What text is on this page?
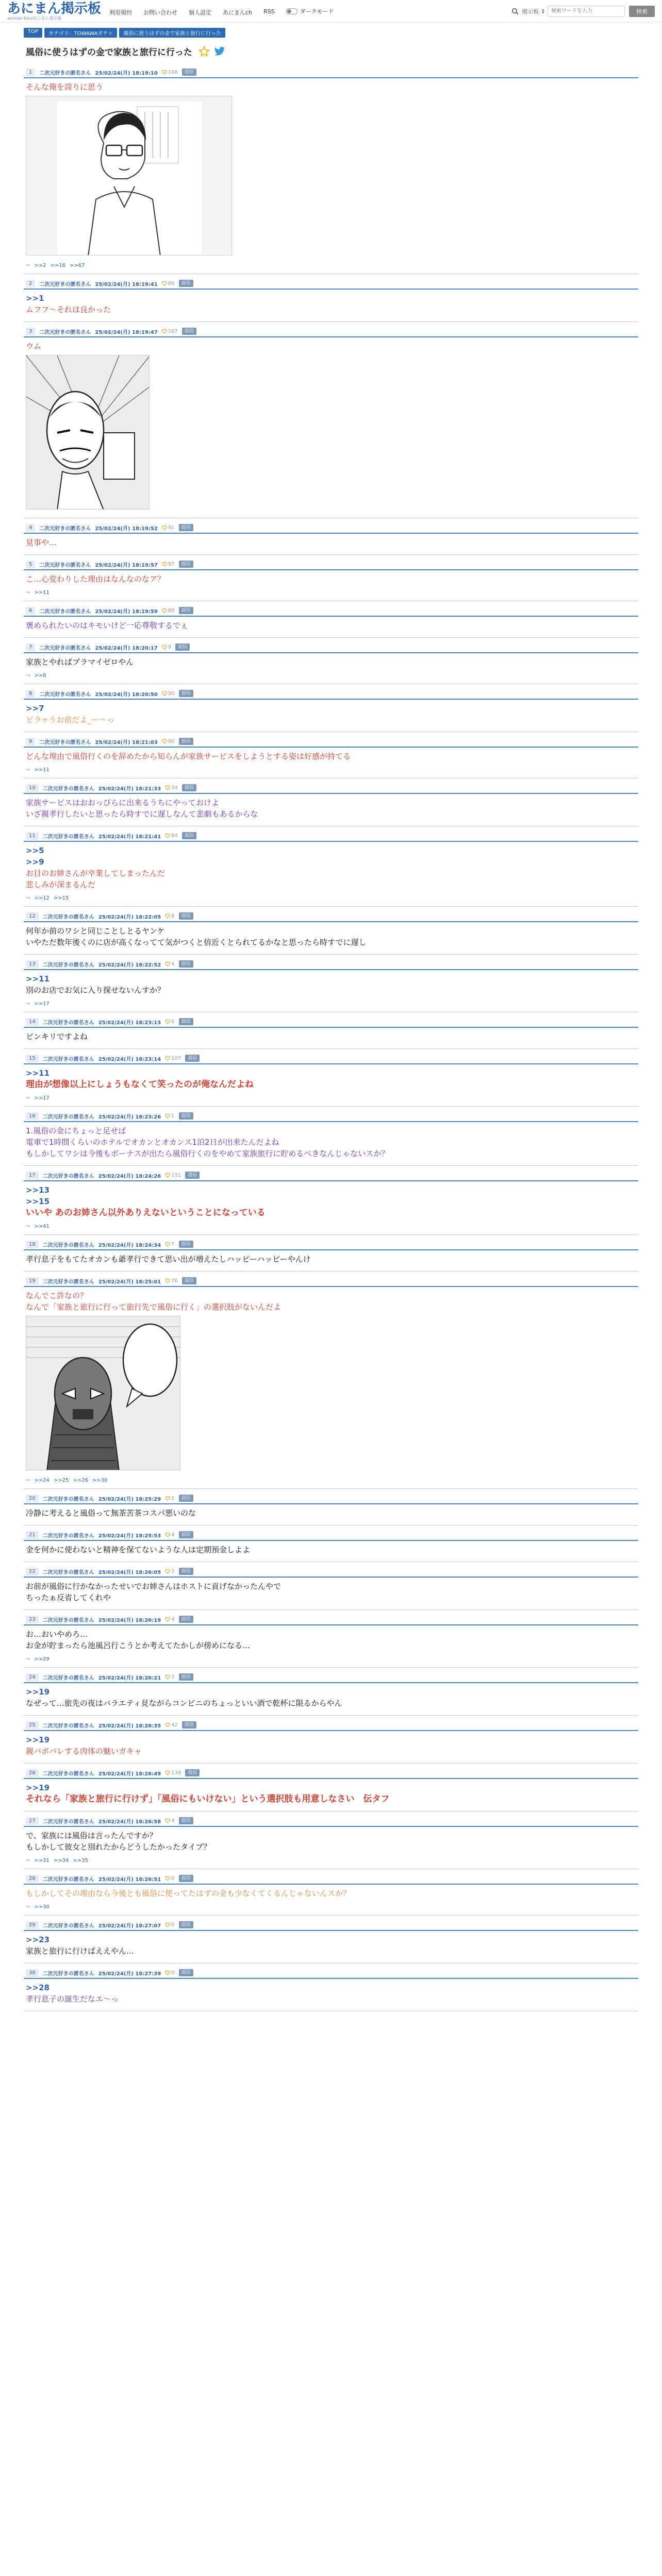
あにまん掲示板
animan bbs/あにまん掲示板
利用規約 お問い合わせ 個人設定 あにまんch RSS	ダークモード	掲示板 ⇕
検索ワードを入力	検索
TOP	カテゴリ：TOWAWAガチャ	風俗に使うはずの金で家族と旅行に行った
風俗に使うはずの金で家族と旅行に行った
1	二次元好きの匿名さん 25/02/24(月) 18:19:10 108	返信
そんな俺を誇りに思う
↪ >>2 >>16 >>67
2	二次元好きの匿名さん 25/02/24(月) 18:19:41 86	返信
>>1
ムフフ〜それは良かった
3	二次元好きの匿名さん 25/02/24(月) 18:19:47 167	返信
ウム
4	二次元好きの匿名さん 25/02/24(月) 18:19:52 91	返信
見事や…
5	二次元好きの匿名さん 25/02/24(月) 18:19:57 97	返信
こ…心変わりした理由はなんなのなア？
↪ >>11
6	二次元好きの匿名さん 25/02/24(月) 18:19:59 88	返信
褒められたいのはキモいけど一応尊敬するでぇ
7	二次元好きの匿名さん 25/02/24(月) 18:20:17 9	返信
家族とやればプラマイゼロやん
↪ >>8
8	二次元好きの匿名さん 25/02/24(月) 18:20:50 90	返信
>>7
ビラゥうお前だよ_ー〜っ
9	二次元好きの匿名さん 25/02/24(月) 18:21:03 90	返信
どんな理由で風俗行くのを辞めたから知らんが家族サービスをしようとする姿は好感が持てる
↪ >>11
10	二次元好きの匿名さん 25/02/24(月) 18:21:33 34	返信
家族サービスはおおっぴらに出来るうちにやっておけよ
いざ親孝行したいと思ったら時すでに遅しなんて悲劇もあるからな
11	二次元好きの匿名さん 25/02/24(月) 18:21:41 84	返信
>>5
>>9
お目のお姉さんが卒業してしまったんだ
悲しみが深まるんだ
↪ >>12 >>15
12	二次元好きの匿名さん 25/02/24(月) 18:22:05 8	返信
何年か前のワシと同じことしとるヤンケ
いやただ数年後くのに店が高くなってて気がつくと倍近くとられてるかなと思ったら時すでに遅し
13	二次元好きの匿名さん 25/02/24(月) 18:22:52 4	返信
>>11
別のお店でお気に入り探せないんすか？
↪ >>17
14	二次元好きの匿名さん 25/02/24(月) 18:23:13 6	返信
ピンキリですよね
15	二次元好きの匿名さん 25/02/24(月) 18:23:14 107	返信
>>11
理由が想像以上にしょうもなくて笑ったのが俺なんだよね
↪ >>17
16	二次元好きの匿名さん 25/02/24(月) 18:23:26 1	返信
1.風俗の金にちょっと足せば
電車で1時間くらいのホテルでオカンとオカンス1泊2日が出来たんだよね
もしかしてワシは今後もボーナスが出たら風俗行くのをやめて家族旅行に貯めるべきなんじゃないスか？
17	二次元好きの匿名さん 25/02/24(月) 18:24:26 151	返信
>>13
>>15
いいや あのお姉さん以外ありえないということになっている
↪ >>41
18	二次元好きの匿名さん 25/02/24(月) 18:24:34 7	返信
孝行息子をもてたオカンも爺孝行できて思い出が増えたしハッピーハッピーやんけ
19	二次元好きの匿名さん 25/02/24(月) 18:25:01 76	返信
なんでこ許なの？
なんで「家族と旅行に行って旅行先で風俗に行く」の選択肢がないんだよ
↪ >>24 >>25 >>26 >>30
20	二次元好きの匿名さん 25/02/24(月) 18:25:29 2	返信
冷静に考えると風俗って無茶苦茶コスパ悪いのな
21	二次元好きの匿名さん 25/02/24(月) 18:25:53 4	返信
金を何かに使わないと精神を保てないような人は定期預金しよよ
22	二次元好きの匿名さん 25/02/24(月) 18:26:05 3	返信
お前が風俗に行かなかったせいでお姉さんはホストに貢げなかったんやで
ちったぁ反省してくれや
23	二次元好きの匿名さん 25/02/24(月) 18:26:19 4	返信
お…おいやめろ…
お金が貯まったら池風呂行こうとか考えてたかしが傍めになる…
↪ >>29
24	二次元好きの匿名さん 25/02/24(月) 18:26:21 3	返信
>>19
なぜって…旅先の夜はバラエティ見ながらコンビニのちょっといい酒で乾杯に限るからやん
25	二次元好きの匿名さん 25/02/24(月) 18:26:35 42	返信
>>19
親バボバレする肉体の魅いガキャ
26	二次元好きの匿名さん 25/02/24(月) 18:26:49 139	返信
>>19
それなら「家族と旅行に行けず」「風俗にもいけない」という選択肢も用意しなさい　伝タフ
27	二次元好きの匿名さん 25/02/24(月) 18:26:58 4	返信
で、家族には風俗は言ったんですか？
もしかして彼女と別れたからどうしたかったタイプ？
↪ >>31 >>34 >>35
28	二次元好きの匿名さん 25/02/24(月) 18:26:51 0	返信
もしかしてその理由なら今後とも風俗に使ってたはずの金も少なくてくるんじゃないんスか？
↪ >>30
29	二次元好きの匿名さん 25/02/24(月) 18:27:07 0	返信
>>23
家族と旅行に行けばええやん…
30	二次元好きの匿名さん 25/02/24(月) 18:27:39 0	返信
>>28
孝行息子の誕生だなエ〜っ
